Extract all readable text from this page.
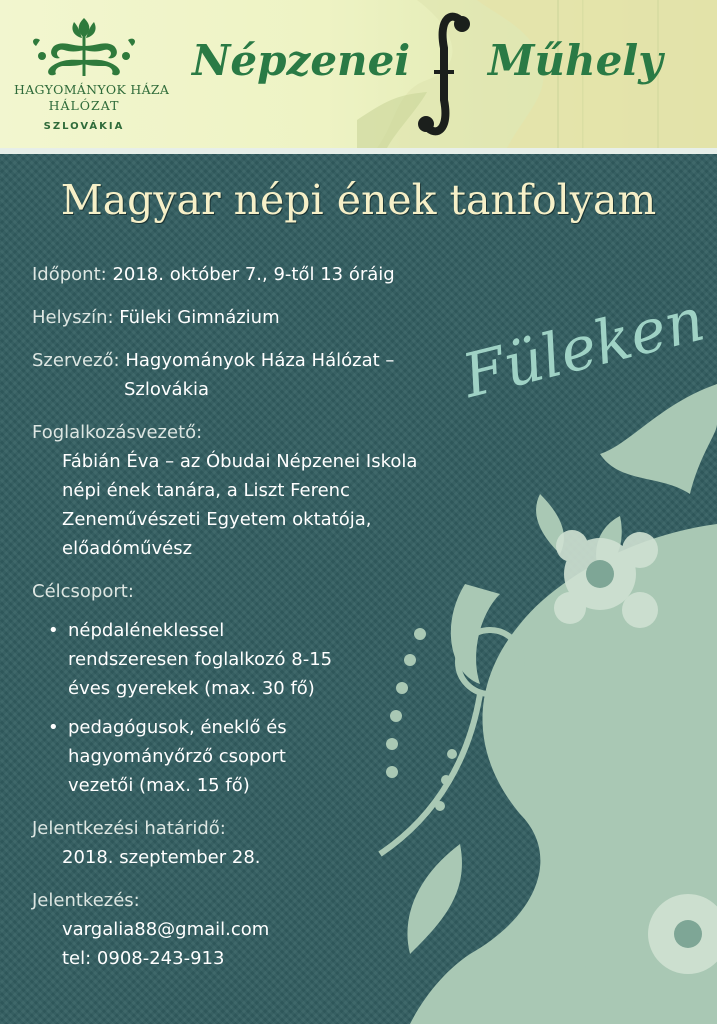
HAGYOMÁNYOK HÁZA
HÁLÓZAT
SZLOVÁKIA
Népzenei Műhely
Magyar népi ének tanfolyam
Füleken
Időpont: 2018. október 7., 9-től 13 óráig
Helyszín: Füleki Gimnázium
Szervező: Hagyományok Háza Hálózat –
Szlovákia
Foglalkozásvezető:
Fábián Éva – az Óbudai Népzenei Iskola
népi ének tanára, a Liszt Ferenc
Zeneművészeti Egyetem oktatója,
előadóművész
Célcsoport:
• népdaléneklessel
rendszeresen foglalkozó 8-15
éves gyerekek (max. 30 fő)
• pedagógusok, éneklő és
hagyományőrző csoport
vezetői (max. 15 fő)
Jelentkezési határidő:
2018. szeptember 28.
Jelentkezés:
vargalia88@gmail.com
tel: 0908-243-913
